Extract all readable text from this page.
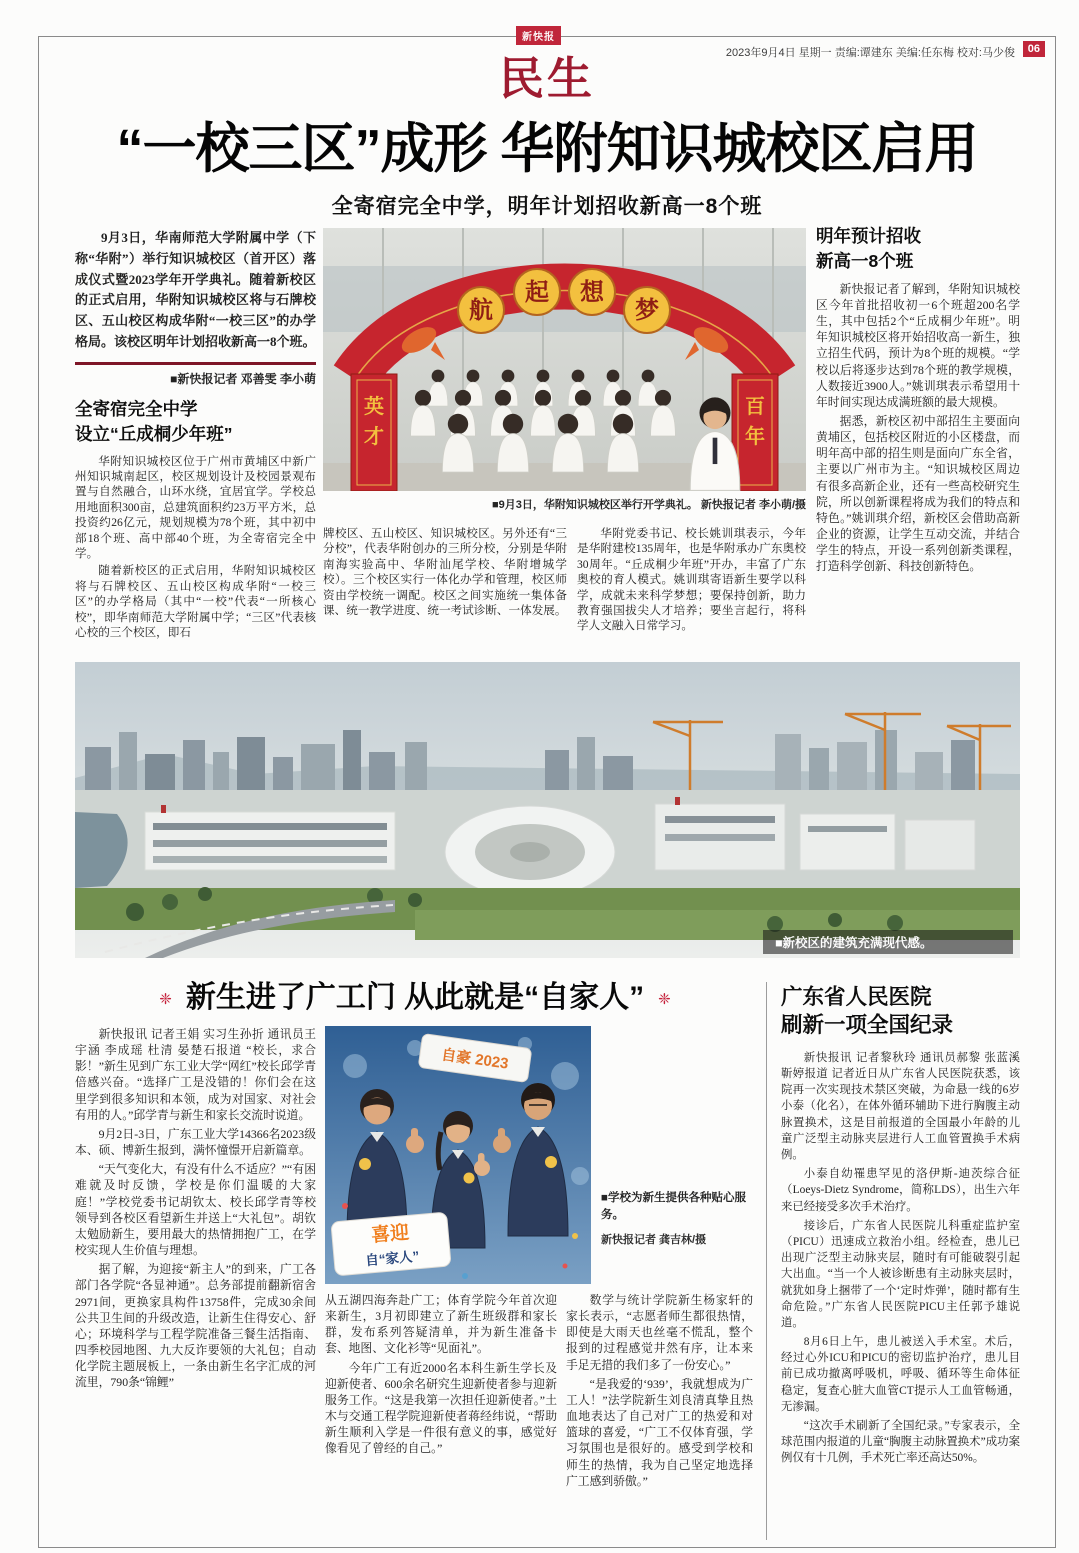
新快报
民生	2023年9月4日 星期一 责编:谭建东 美编:任东梅 校对:马少俊	06
“一校三区”成形 华附知识城校区启用
全寄宿完全中学，明年计划招收新高一8个班

9月3日，华南师范大学附属中学（下称“华附”）举行知识城校区（首开区）落成仪式暨2023学年开学典礼。随着新校区的正式启用，华附知识城校区将与石牌校区、五山校区构成华附“一校三区”的办学格局。该校区明年计划招收新高一8个班。

■新快报记者 邓善雯 李小萌
全寄宿完全中学
设立“丘成桐少年班”

华附知识城校区位于广州市黄埔区中新广州知识城南起区，校区规划设计及校园景观布置与自然融合，山环水绕，宜居宜学。学校总用地面积300亩，总建筑面积约23万平方米，总投资约26亿元，规划规模为78个班，其中初中部18个班、高中部40个班，为全寄宿完全中学。

随着新校区的正式启用，华附知识城校区将与石牌校区、五山校区构成华附“一校三区”的办学格局（其中“一校”代表“一所核心校”，即华南师范大学附属中学；“三区”代表核心校的三个校区，即石

航
起 想
梦
英
才
百
年
■9月3日，华附知识城校区举行开学典礼。 新快报记者 李小萌/摄

牌校区、五山校区、知识城校区。另外还有“三分校”，代表华附创办的三所分校，分别是华附南海实验高中、华附汕尾学校、华附增城学校）。三个校区实行一体化办学和管理，校区师资由学校统一调配。校区之间实施统一集体备课、统一教学进度、统一考试诊断、一体发展。

华附党委书记、校长姚训琪表示，今年是华附建校135周年，也是华附承办广东奥校30周年。“丘成桐少年班”开办，丰富了广东奥校的育人模式。姚训琪寄语新生要学以科学，成就未来科学梦想；要保持创新，助力教育强国拔尖人才培养；要坐言起行，将科学人文融入日常学习。

明年预计招收
新高一8个班

新快报记者了解到，华附知识城校区今年首批招收初一6个班超200名学生，其中包括2个“丘成桐少年班”。明年知识城校区将开始招收高一新生，独立招生代码，预计为8个班的规模。“学校以后将逐步达到78个班的教学规模，人数接近3900人。”姚训琪表示希望用十年时间实现达成满班额的最大规模。

据悉，新校区初中部招生主要面向黄埔区，包括校区附近的小区楼盘，而明年高中部的招生则是面向广东全省，主要以广州市为主。“知识城校区周边有很多高新企业，还有一些高校研究生院，所以创新课程将成为我们的特点和特色。”姚训琪介绍，新校区会借助高新企业的资源，让学生互动交流，并结合学生的特点，开设一系列创新类课程，打造科学创新、科技创新特色。

■新校区的建筑充满现代感。
❈ 新生进了广工门 从此就是“自家人” ❈

新快报讯 记者王娟 实习生孙折 通讯员王宇涵 李成瑶 杜清 晏楚石报道 “校长，求合影！”新生见到广东工业大学“网红”校长邱学青倍感兴奋。“选择广工是没错的！你们会在这里学到很多知识和本领，成为对国家、对社会有用的人。”邱学青与新生和家长交流时说道。

9月2日-3日，广东工业大学14366名2023级本、硕、博新生报到，满怀憧憬开启新篇章。

“天气变化大，有没有什么不适应？”“有困难就及时反馈，学校是你们温暖的大家庭！”学校党委书记胡钦太、校长邱学青等校领导到各校区看望新生并送上“大礼包”。胡钦太勉励新生，要用最大的热情拥抱广工，在学校实现人生价值与理想。

据了解，为迎接“新主人”的到来，广工各部门各学院“各显神通”。总务部提前翻新宿舍2971间，更换家具构件13758件，完成30余间公共卫生间的升级改造，让新生住得安心、舒心；环境科学与工程学院准备三餐生活指南、四季校园地图、九大反诈要领的大礼包；自动化学院主题展板上，一条由新生名字汇成的河流里，790条“锦鲤”

自豪 2023
喜迎
自“家人”
■学校为新生提供各种贴心服务。
新快报记者 龚吉林/摄

从五湖四海奔赴广工；体育学院今年首次迎来新生，3月初即建立了新生班级群和家长群，发布系列答疑清单，并为新生准备卡套、地图、文化衫等“见面礼”。

今年广工有近2000名本科生新生学长及迎新使者、600余名研究生迎新使者参与迎新服务工作。“这是我第一次担任迎新使者。”土木与交通工程学院迎新使者蒋经纬说，“帮助新生顺利入学是一件很有意义的事，感觉好像看见了曾经的自己。”

数学与统计学院新生杨家轩的家长表示，“志愿者师生都很热情，即使是大雨天也丝毫不慌乱，整个报到的过程感觉井然有序，让本来手足无措的我们多了一份安心。”

“是我爱的‘939’，我就想成为广工人！”法学院新生刘良清真挚且热血地表达了自己对广工的热爱和对篮球的喜爱，“广工不仅体育强，学习氛围也是很好的。感受到学校和师生的热情，我为自己坚定地选择广工感到骄傲。”

广东省人民医院
刷新一项全国纪录

新快报讯 记者黎秋玲 通讯员郝黎 张蓝溪 靳婷报道 记者近日从广东省人民医院获悉，该院再一次实现技术禁区突破，为命悬一线的6岁小泰（化名），在体外循环辅助下进行胸腹主动脉置换术，这是目前报道的全国最小年龄的儿童广泛型主动脉夹层进行人工血管置换手术病例。

小泰自幼罹患罕见的洛伊斯-迪茨综合征（Loeys-Dietz Syndrome，简称LDS），出生六年来已经接受多次手术治疗。

接诊后，广东省人民医院儿科重症监护室（PICU）迅速成立救治小组。经检查，患儿已出现广泛型主动脉夹层，随时有可能破裂引起大出血。“当一个人被诊断患有主动脉夹层时，就犹如身上捆带了一个‘定时炸弹’，随时都有生命危险。”广东省人民医院PICU主任郭予雄说道。

8月6日上午，患儿被送入手术室。术后，经过心外ICU和PICU的密切监护治疗，患儿目前已成功撤离呼吸机，呼吸、循环等生命体征稳定，复查心脏大血管CT提示人工血管畅通，无渗漏。

“这次手术刷新了全国纪录。”专家表示，全球范围内报道的儿童“胸腹主动脉置换术”成功案例仅有十几例，手术死亡率还高达50%。
